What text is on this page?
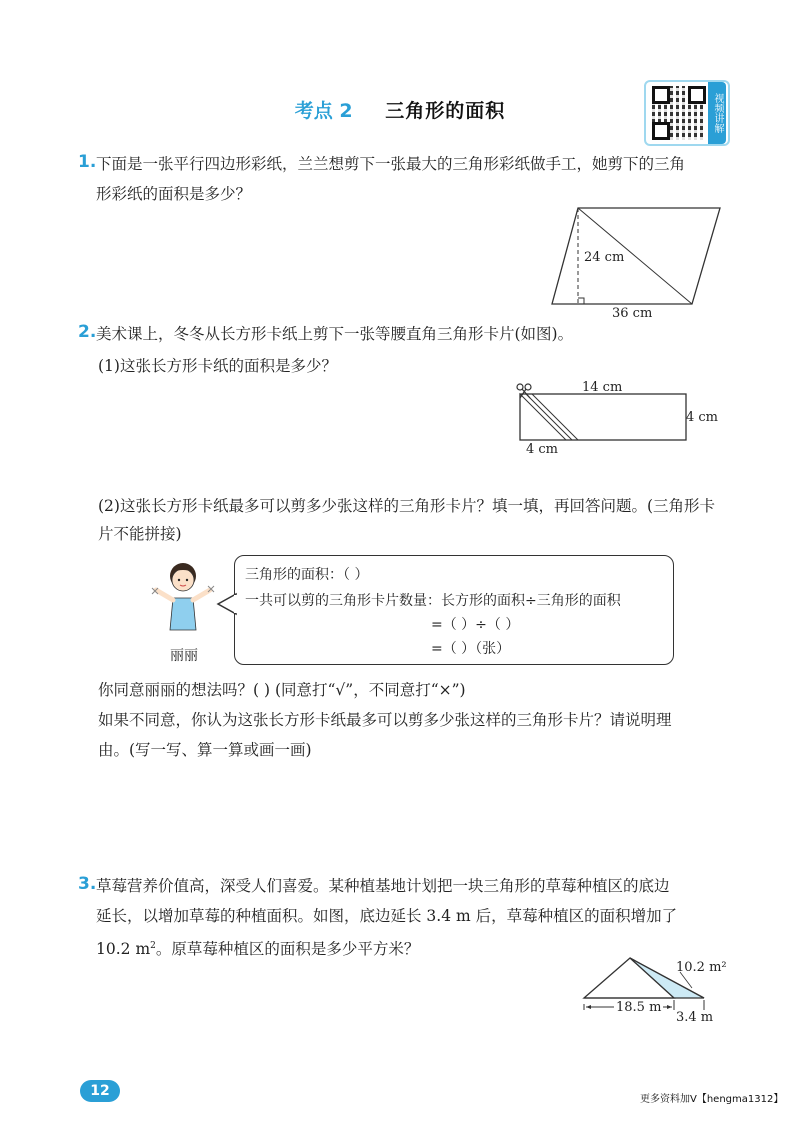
考点 2 三角形的面积	视频讲解
1. 下面是一张平行四边形彩纸，兰兰想剪下一张最大的三角形彩纸做手工，她剪下的三角
形彩纸的面积是多少？
24 cm
36 cm
2. 美术课上，冬冬从长方形卡纸上剪下一张等腰直角三角形卡片(如图)。
(1)这张长方形卡纸的面积是多少？
14 cm
4 cm
4 cm
(2)这张长方形卡纸最多可以剪多少张这样的三角形卡片？填一填，再回答问题。(三角形卡
片不能拼接)
丽丽
三角形的面积：（ ）
一共可以剪的三角形卡片数量：长方形的面积÷三角形的面积
=（ ）÷（ ）
=（ ）（张）
你同意丽丽的想法吗？( ) (同意打“√”，不同意打“×”)
如果不同意，你认为这张长方形卡纸最多可以剪多少张这样的三角形卡片？请说明理
由。(写一写、算一算或画一画)
3. 草莓营养价值高，深受人们喜爱。某种植基地计划把一块三角形的草莓种植区的底边
延长，以增加草莓的种植面积。如图，底边延长 3.4 m 后，草莓种植区的面积增加了
10.2 $m^2$。原草莓种植区的面积是多少平方米？
10.2 m²
18.5 m
3.4 m
12
更多资料加V【hengma1312】
